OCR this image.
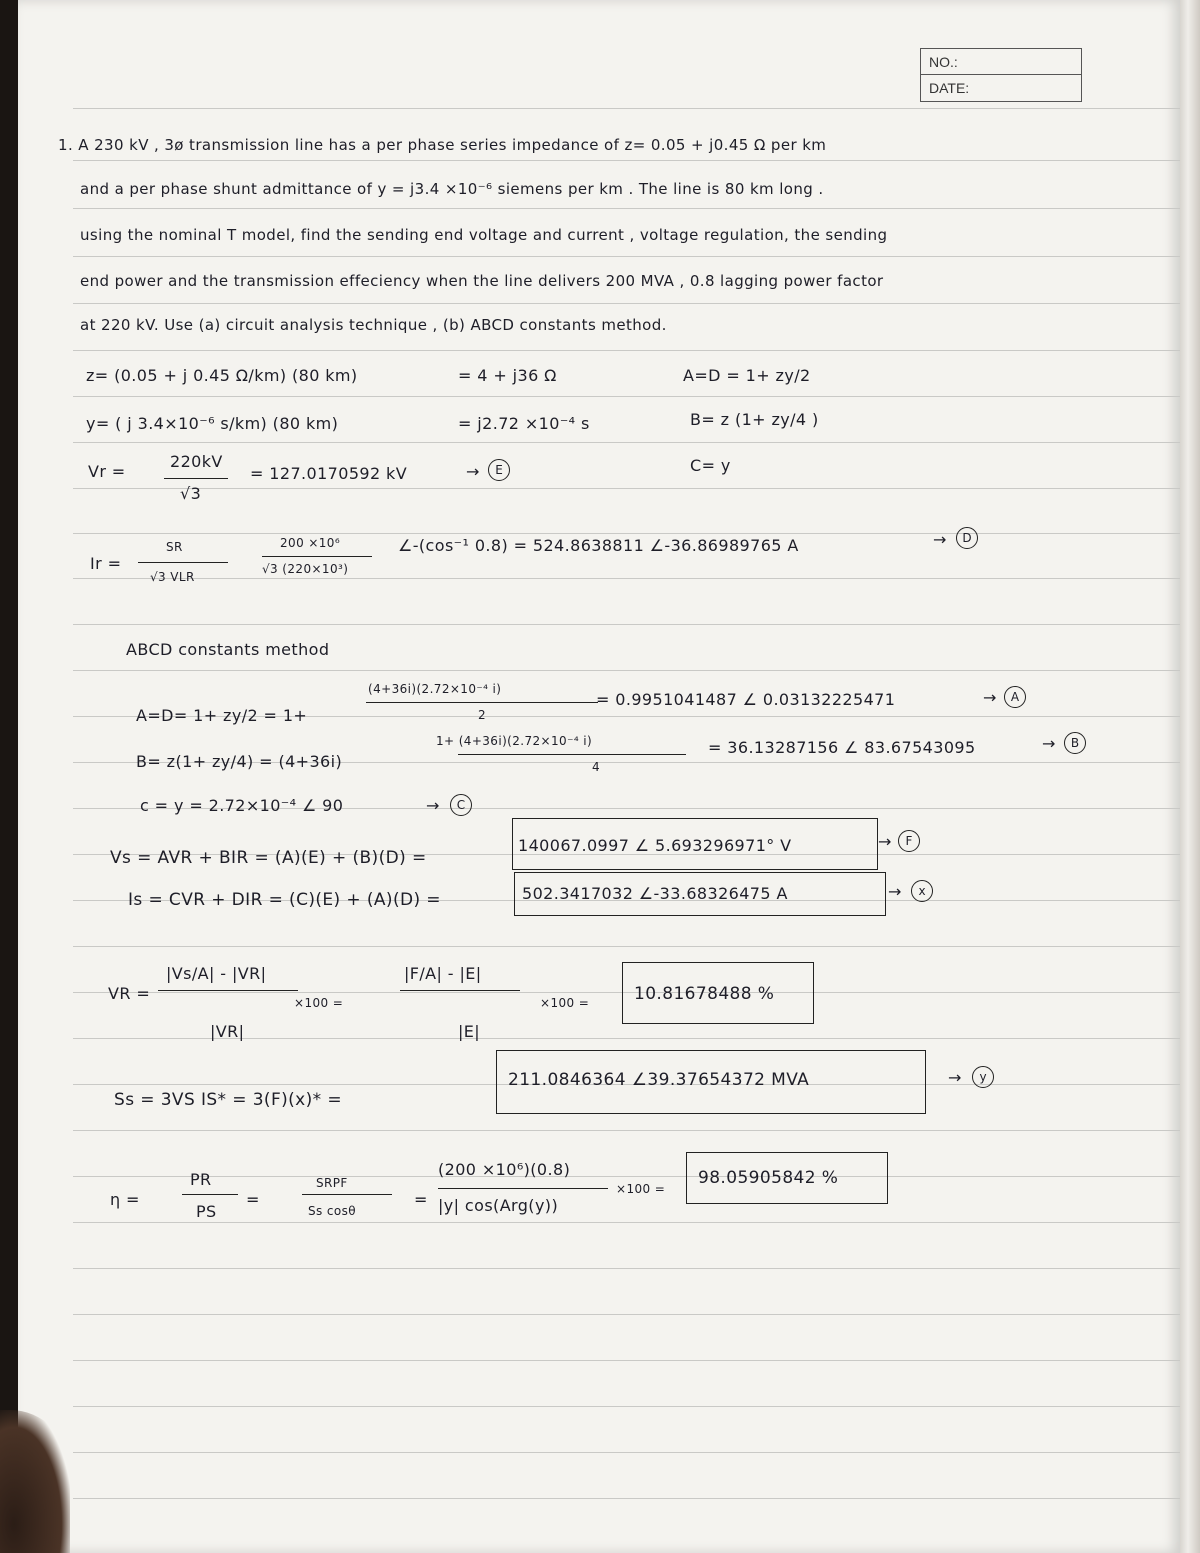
NO.:
DATE:
1. A 230 kV , 3ø transmission line has a per phase series impedance of z= 0.05 + j0.45 Ω per km
and a per phase shunt admittance of y = j3.4 ×10⁻⁶ siemens per km . The line is 80 km long .
using the nominal T model, find the sending end voltage and current , voltage regulation, the sending
end power and the transmission effeciency when the line delivers 200 MVA , 0.8 lagging power factor
at 220 kV. Use (a) circuit analysis technique , (b) ABCD constants method.
z= (0.05 + j 0.45 Ω/km) (80 km)	= 4 + j36 Ω	A=D = 1+ zy/2
y= ( j 3.4×10⁻⁶ s/km) (80 km)	= j2.72 ×10⁻⁴ s	B= z (1+ zy/4 )
Vr =
220kV
√3
= 127.0170592 kV	→	E	C= y
Ir =
SR
√3 VLR
200 ×10⁶
√3 (220×10³)
∠-(cos⁻¹ 0.8) = 524.8638811 ∠-36.86989765 A	→	D
ABCD constants method
A=D= 1+ zy/2 = 1+
(4+36i)(2.72×10⁻⁴ i)
2
= 0.9951041487 ∠ 0.03132225471	→	A
B= z(1+ zy/4) = (4+36i)
1+ (4+36i)(2.72×10⁻⁴ i)
4
= 36.13287156 ∠ 83.67543095	→	B
c = y = 2.72×10⁻⁴ ∠ 90	→	C
Vs = AVR + BIR = (A)(E) + (B)(D) =
140067.0997 ∠ 5.693296971° V	→	F
Is = CVR + DIR = (C)(E) + (A)(D) =	502.3417032 ∠-33.68326475 A	→	x
VR =
|Vs/A| - |VR|
|VR|
×100 =
|F/A| - |E|
|E|
×100 =	10.81678488 %
Ss = 3VS IS* = 3(F)(x)* =
211.0846364 ∠39.37654372 MVA	→	y
η =
PR
PS
=
SRPF
Ss cosθ
=
(200 ×10⁶)(0.8)
|y| cos(Arg(y))
×100 =
98.05905842 %
